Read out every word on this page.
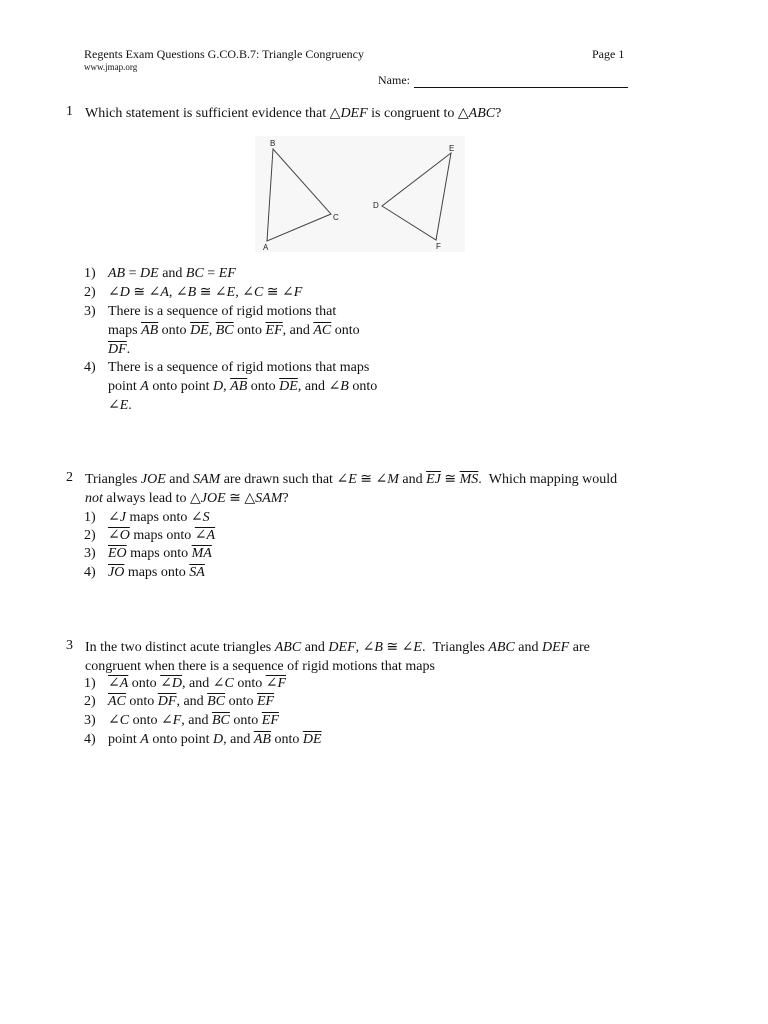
Regents Exam Questions G.CO.B.7: Triangle Congruency
www.jmap.org
Page 1
Name:
1 Which statement is sufficient evidence that △DEF is congruent to △ABC?
B
A
C
E
D
F
1) AB = DE and BC = EF
2) ∠D ≅ ∠A, ∠B ≅ ∠E, ∠C ≅ ∠F
3) There is a sequence of rigid motions that maps $\overline{AB}$ onto $\overline{DE}$, $\overline{BC}$ onto $\overline{EF}$, and $\overline{AC}$ onto $\overline{DF}$.
4) There is a sequence of rigid motions that maps point A onto point D, $\overline{AB}$ onto $\overline{DE}$, and ∠B onto ∠E.
2 Triangles JOE and SAM are drawn such that ∠E ≅ ∠M and $\overline{EJ}$ ≅ $\overline{MS}$.  Which mapping would not always lead to △JOE ≅ △SAM?
1) ∠J maps onto ∠S
2) ∠O maps onto ∠A
3) $\overline{EO}$ maps onto $\overline{MA}$
4) $\overline{JO}$ maps onto $\overline{SA}$
3 In the two distinct acute triangles ABC and DEF, ∠B ≅ ∠E.  Triangles ABC and DEF are congruent when there is a sequence of rigid motions that maps
1) ∠A onto ∠D, and ∠C onto ∠F
2) $\overline{AC}$ onto $\overline{DF}$, and $\overline{BC}$ onto $\overline{EF}$
3) ∠C onto ∠F, and $\overline{BC}$ onto $\overline{EF}$
4) point A onto point D, and $\overline{AB}$ onto $\overline{DE}$
